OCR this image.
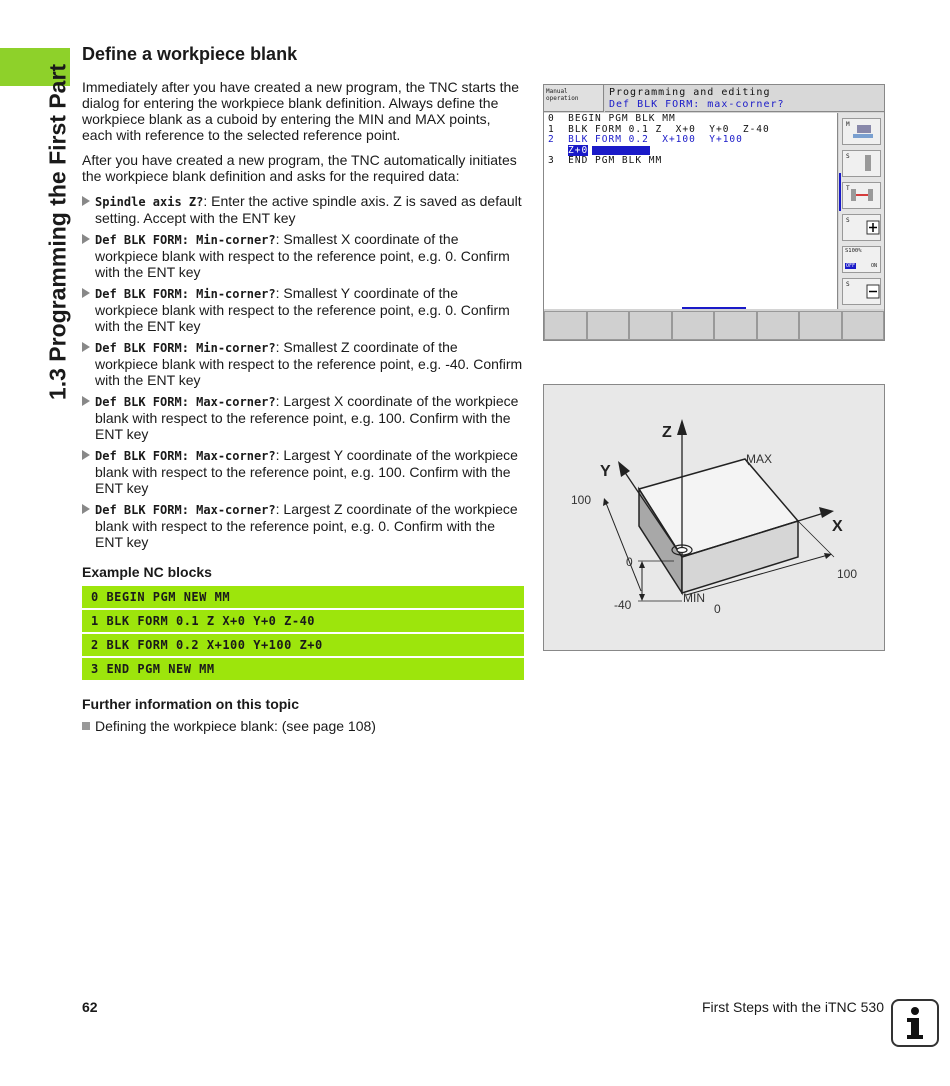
1.3 Programming the First Part
Define a workpiece blank

Immediately after you have created a new program, the TNC starts the dialog for entering the workpiece blank definition. Always define the workpiece blank as a cuboid by entering the MIN and MAX points, each with reference to the selected reference point.

After you have created a new program, the TNC automatically initiates the workpiece blank definition and asks for the required data:

Spindle axis Z?: Enter the active spindle axis. Z is saved as default setting. Accept with the ENT key
Def BLK FORM: Min-corner?: Smallest X coordinate of the workpiece blank with respect to the reference point, e.g. 0. Confirm with the ENT key
Def BLK FORM: Min-corner?: Smallest Y coordinate of the workpiece blank with respect to the reference point, e.g. 0. Confirm with the ENT key
Def BLK FORM: Min-corner?: Smallest Z coordinate of the workpiece blank with respect to the reference point, e.g. -40. Confirm with the ENT key
Def BLK FORM: Max-corner?: Largest X coordinate of the workpiece blank with respect to the reference point, e.g. 100. Confirm with the ENT key
Def BLK FORM: Max-corner?: Largest Y coordinate of the workpiece blank with respect to the reference point, e.g. 100. Confirm with the ENT key
Def BLK FORM: Max-corner?: Largest Z coordinate of the workpiece blank with respect to the reference point, e.g. 0. Confirm with the ENT key
Example NC blocks
0 BEGIN PGM NEW MM
1 BLK FORM 0.1 Z X+0 Y+0 Z-40
2 BLK FORM 0.2 X+100 Y+100 Z+0
3 END PGM NEW MM
Further information on this topic
Defining the workpiece blank: (see page 108)
Manual
operation
Programming and editing
Def BLK FORM: max-corner?
0  BEGIN PGM BLK MM
1  BLK FORM 0.1 Z  X+0  Y+0  Z-40
2  BLK FORM 0.2  X+100  Y+100
Z+0
3  END PGM BLK MM
M
S
T
S
S100%
OFF	ON
S
Z
Y
X
MAX
MIN
100
0
-40
100
0
62	First Steps with the iTNC 530
